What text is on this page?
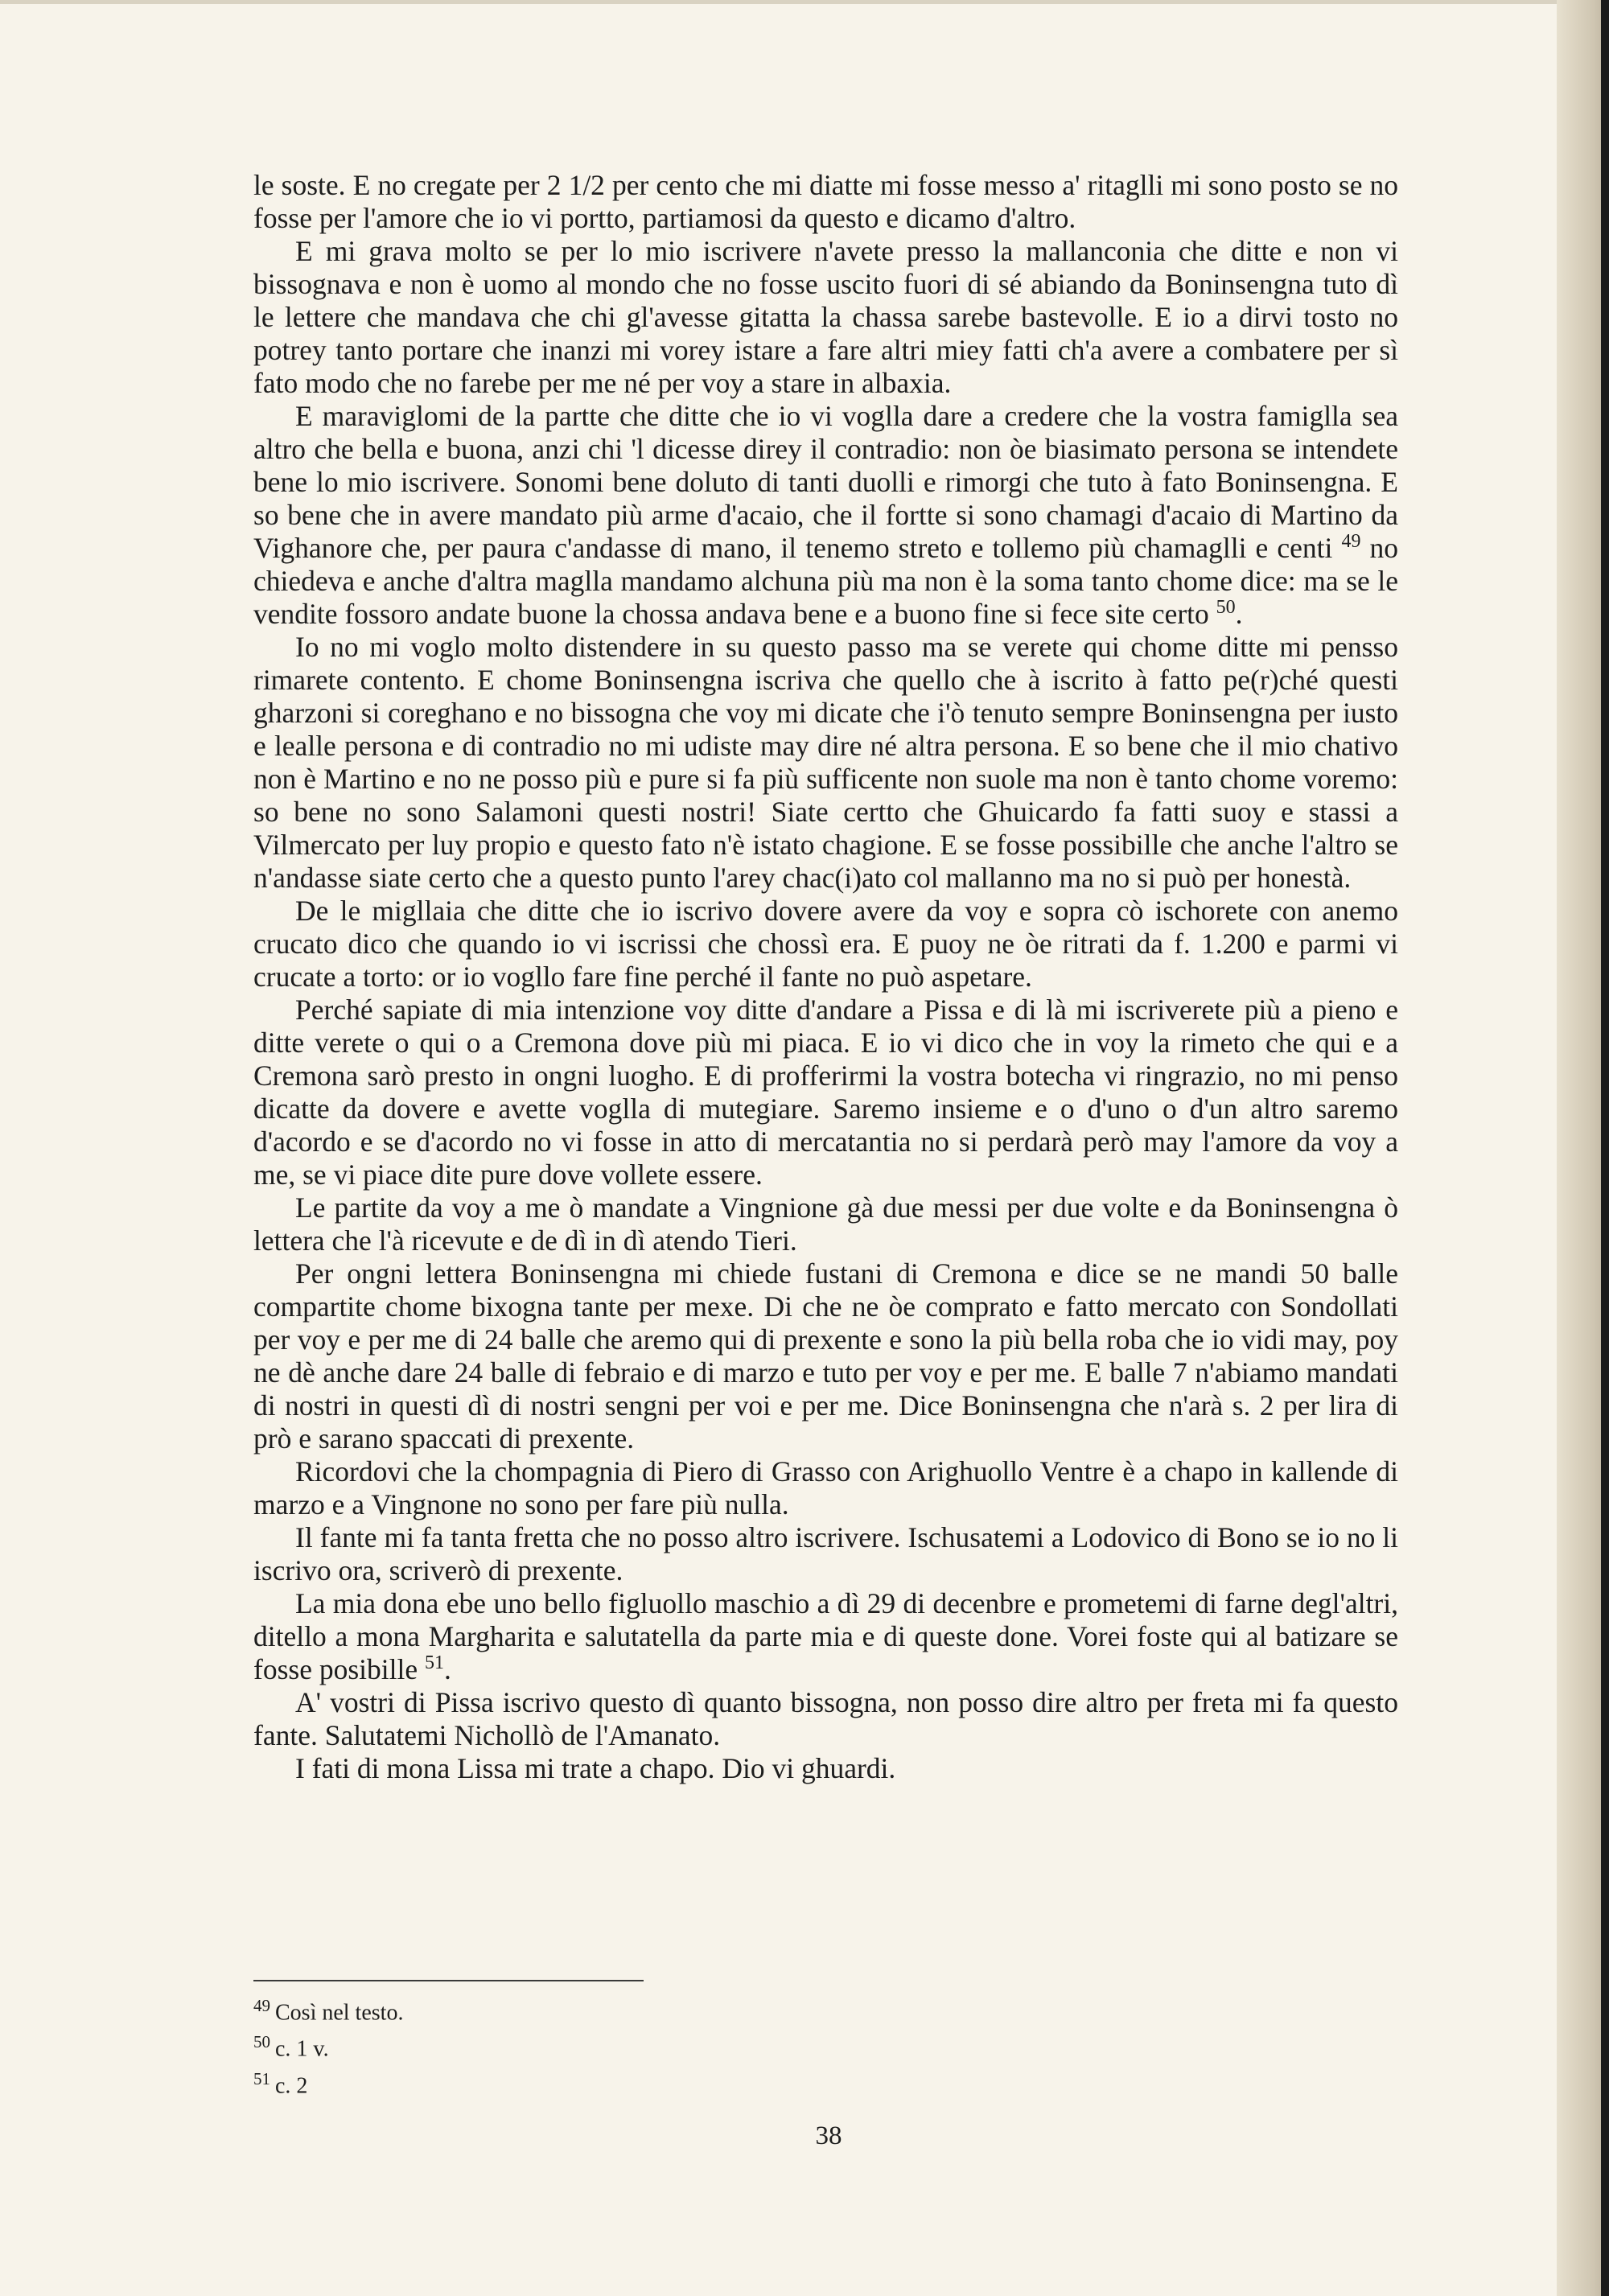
le soste. E no cregate per 2 1/2 per cento che mi diatte mi fosse messo a' ritaglli mi sono posto se no fosse per l'amore che io vi portto, partiamosi da questo e dicamo d'altro.

E mi grava molto se per lo mio iscrivere n'avete presso la mallanconia che ditte e non vi bissognava e non è uomo al mondo che no fosse uscito fuori di sé abiando da Boninsengna tuto dì le lettere che mandava che chi gl'avesse gitatta la chassa sarebe bastevolle. E io a dirvi tosto no potrey tanto portare che inanzi mi vorey istare a fare altri miey fatti ch'a avere a combatere per sì fato modo che no farebe per me né per voy a stare in albaxia.

E maraviglomi de la partte che ditte che io vi voglla dare a credere che la vostra famiglla sea altro che bella e buona, anzi chi 'l dicesse direy il contradio: non òe biasimato persona se intendete bene lo mio iscrivere. Sonomi bene doluto di tanti duolli e rimorgi che tuto à fato Boninsengna. E so bene che in avere mandato più arme d'acaio, che il fortte si sono chamagi d'acaio di Martino da Vighanore che, per paura c'andasse di mano, il tenemo streto e tollemo più chamaglli e centi $^{49}$ no chiedeva e anche d'altra maglla mandamo alchuna più ma non è la soma tanto chome dice: ma se le vendite fossoro andate buone la chossa andava bene e a buono fine si fece site certo $^{50}$.

Io no mi voglo molto distendere in su questo passo ma se verete qui chome ditte mi pensso rimarete contento. E chome Boninsengna iscriva che quello che à iscrito à fatto pe(r)ché questi gharzoni si coreghano e no bissogna che voy mi dicate che i'ò tenuto sempre Boninsengna per iusto e lealle persona e di contradio no mi udiste may dire né altra persona. E so bene che il mio chativo non è Martino e no ne posso più e pure si fa più sufficente non suole ma non è tanto chome voremo: so bene no sono Salamoni questi nostri! Siate certto che Ghuicardo fa fatti suoy e stassi a Vilmercato per luy propio e questo fato n'è istato chagione. E se fosse possibille che anche l'altro se n'andasse siate certo che a questo punto l'arey chac(i)ato col mallanno ma no si può per honestà.

De le migllaia che ditte che io iscrivo dovere avere da voy e sopra cò ischorete con anemo crucato dico che quando io vi iscrissi che chossì era. E puoy ne òe ritrati da f. 1.200 e parmi vi crucate a torto: or io vogllo fare fine perché il fante no può aspetare.

Perché sapiate di mia intenzione voy ditte d'andare a Pissa e di là mi iscriverete più a pieno e ditte verete o qui o a Cremona dove più mi piaca. E io vi dico che in voy la rimeto che qui e a Cremona sarò presto in ongni luogho. E di profferirmi la vostra botecha vi ringrazio, no mi penso dicatte da dovere e avette voglla di mutegiare. Saremo insieme e o d'uno o d'un altro saremo d'acordo e se d'acordo no vi fosse in atto di mercatantia no si perdarà però may l'amore da voy a me, se vi piace dite pure dove vollete essere.

Le partite da voy a me ò mandate a Vingnione gà due messi per due volte e da Boninsengna ò lettera che l'à ricevute e de dì in dì atendo Tieri.

Per ongni lettera Boninsengna mi chiede fustani di Cremona e dice se ne mandi 50 balle compartite chome bixogna tante per mexe. Di che ne òe comprato e fatto mercato con Sondollati per voy e per me di 24 balle che aremo qui di prexente e sono la più bella roba che io vidi may, poy ne dè anche dare 24 balle di febraio e di marzo e tuto per voy e per me. E balle 7 n'abiamo mandati di nostri in questi dì di nostri sengni per voi e per me. Dice Boninsengna che n'arà s. 2 per lira di prò e sarano spaccati di prexente.

Ricordovi che la chompagnia di Piero di Grasso con Arighuollo Ventre è a chapo in kallende di marzo e a Vingnone no sono per fare più nulla.

Il fante mi fa tanta fretta che no posso altro iscrivere. Ischusatemi a Lodovico di Bono se io no li iscrivo ora, scriverò di prexente.

La mia dona ebe uno bello figluollo maschio a dì 29 di decenbre e prometemi di farne degl'altri, ditello a mona Margharita e salutatella da parte mia e di queste done. Vorei foste qui al batizare se fosse posibille $^{51}$.

A' vostri di Pissa iscrivo questo dì quanto bissogna, non posso dire altro per freta mi fa questo fante. Salutatemi Nichollò de l'Amanato.

I fati di mona Lissa mi trate a chapo. Dio vi ghuardi.

$^{49}$ Così nel testo.
$^{50}$ c. 1 v.
$^{51}$ c. 2
38
